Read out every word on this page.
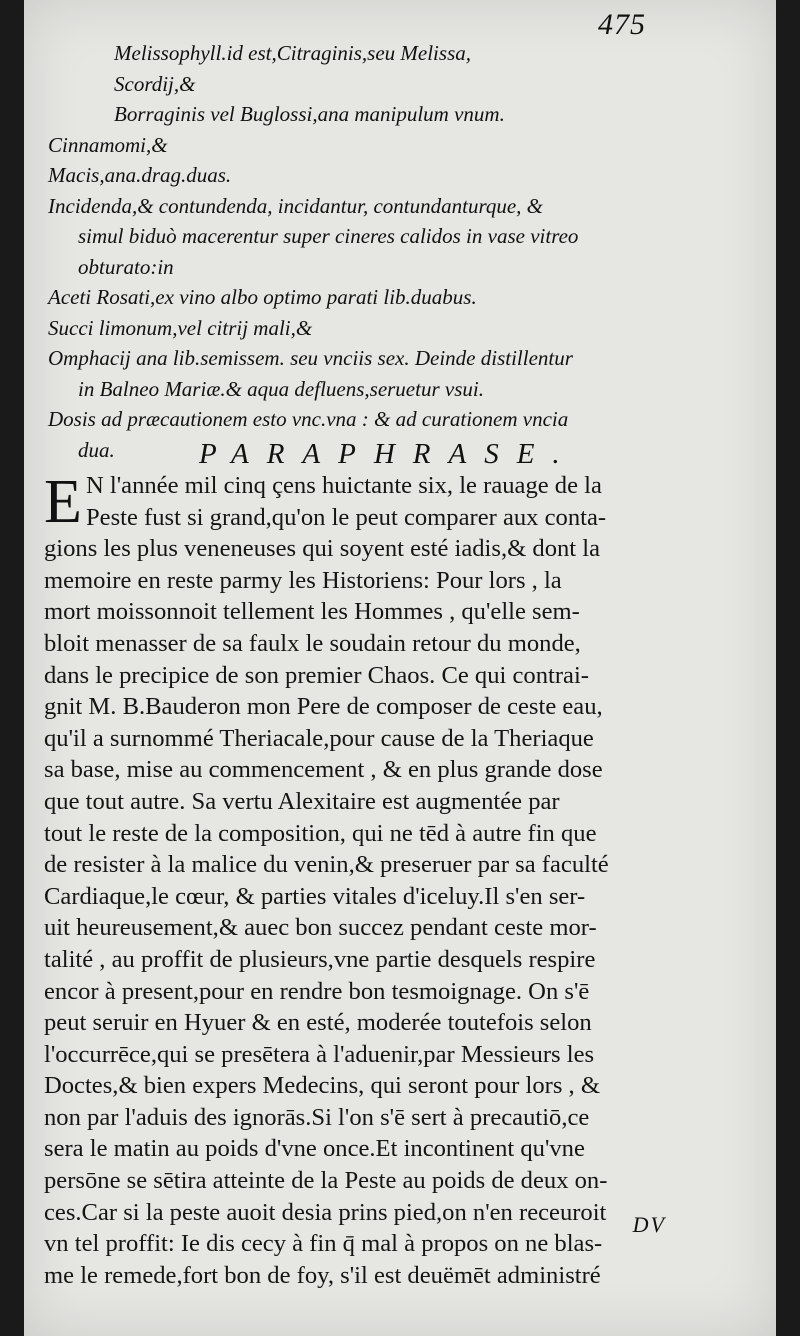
475
Melissophyll.id est,Citraginis,seu Melissa,
Scordij,&
Borraginis vel Buglossi,ana manipulum vnum.
Cinnamomi,&
Macis,ana.drag.duas.
Incidenda,& contundenda, incidantur, contundanturque, &
simul biduò macerentur super cineres calidos in vase vitreo
obturato:in
Aceti Rosati,ex vino albo optimo parati lib.duabus.
Succi limonum,vel citrij mali,&
Omphacij ana lib.semissem. seu vnciis sex. Deinde distillentur
in Balneo Mariæ.& aqua defluens,seruetur vsui.
Dosis ad præcautionem esto vnc.vna : & ad curationem vncia
dua.	PARAPHRASE.
E N l'année mil cinq çens huictante six, le rauage de la
Peste fust si grand,qu'on le peut comparer aux conta-
gions les plus veneneuses qui soyent esté iadis,& dont la
memoire en reste parmy les Historiens: Pour lors , la
mort moissonnoit tellement les Hommes , qu'elle sem-
bloit menasser de sa faulx le soudain retour du monde,
dans le precipice de son premier Chaos. Ce qui contrai-
gnit M. B.Bauderon mon Pere de composer de ceste eau,
qu'il a surnommé Theriacale,pour cause de la Theriaque
sa base, mise au commencement , & en plus grande dose
que tout autre. Sa vertu Alexitaire est augmentée par
tout le reste de la composition, qui ne tēd à autre fin que
de resister à la malice du venin,& preseruer par sa faculté
Cardiaque,le cœur, & parties vitales d'iceluy.Il s'en ser-
uit heureusement,& auec bon succez pendant ceste mor-
talité , au proffit de plusieurs,vne partie desquels respire
encor à present,pour en rendre bon tesmoignage. On s'ē
peut seruir en Hyuer & en esté, moderée toutefois selon
l'occurrēce,qui se presētera à l'aduenir,par Messieurs les
Doctes,& bien expers Medecins, qui seront pour lors , &
non par l'aduis des ignorās.Si l'on s'ē sert à precautiō,ce
sera le matin au poids d'vne once.Et incontinent qu'vne
persōne se sētira atteinte de la Peste au poids de deux on-
ces.Car si la peste auoit desia prins pied,on n'en receuroit
vn tel proffit: Ie dis cecy à fin q̄ mal à propos on ne blas-
me le remede,fort bon de foy, s'il est deuëmēt administré
DV
